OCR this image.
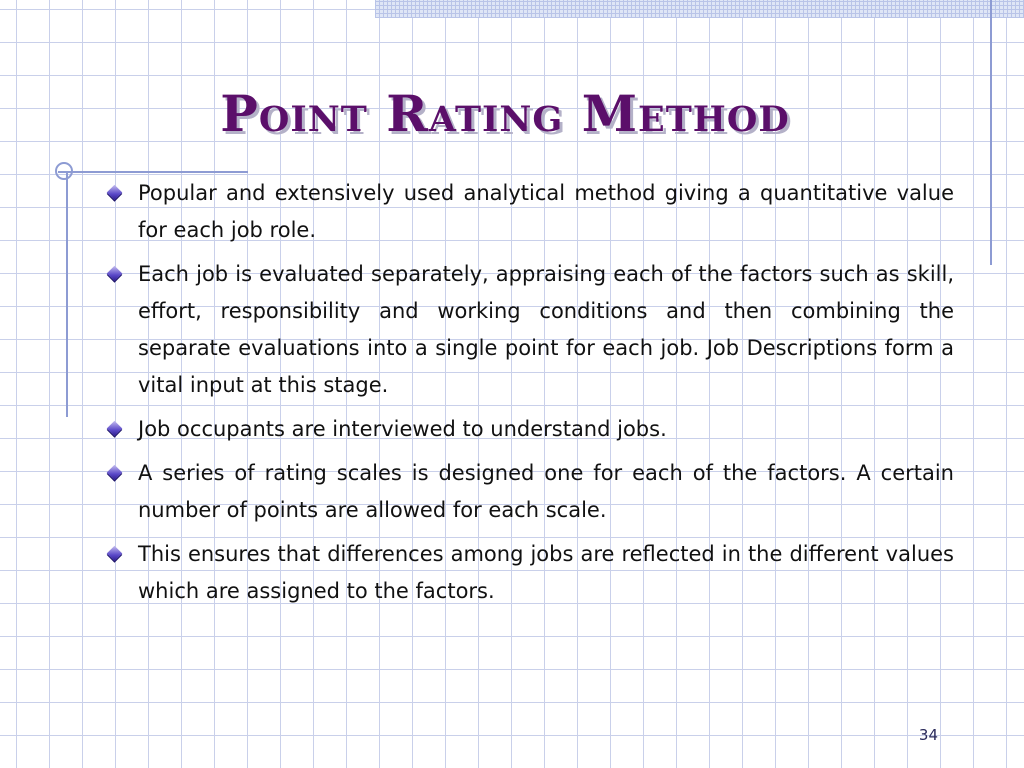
Point Rating Method
Popular and extensively used analytical method giving a quantitative value for each job role.
Each job is evaluated separately, appraising each of the factors such as skill, effort, responsibility and working conditions and then combining the separate evaluations into a single point for each job. Job Descriptions form a vital input at this stage.
Job occupants are interviewed to understand jobs.
A series of rating scales is designed one for each of the factors. A certain number of points are allowed for each scale.
This ensures that differences among jobs are reflected in the different values which are assigned to the factors.
34
